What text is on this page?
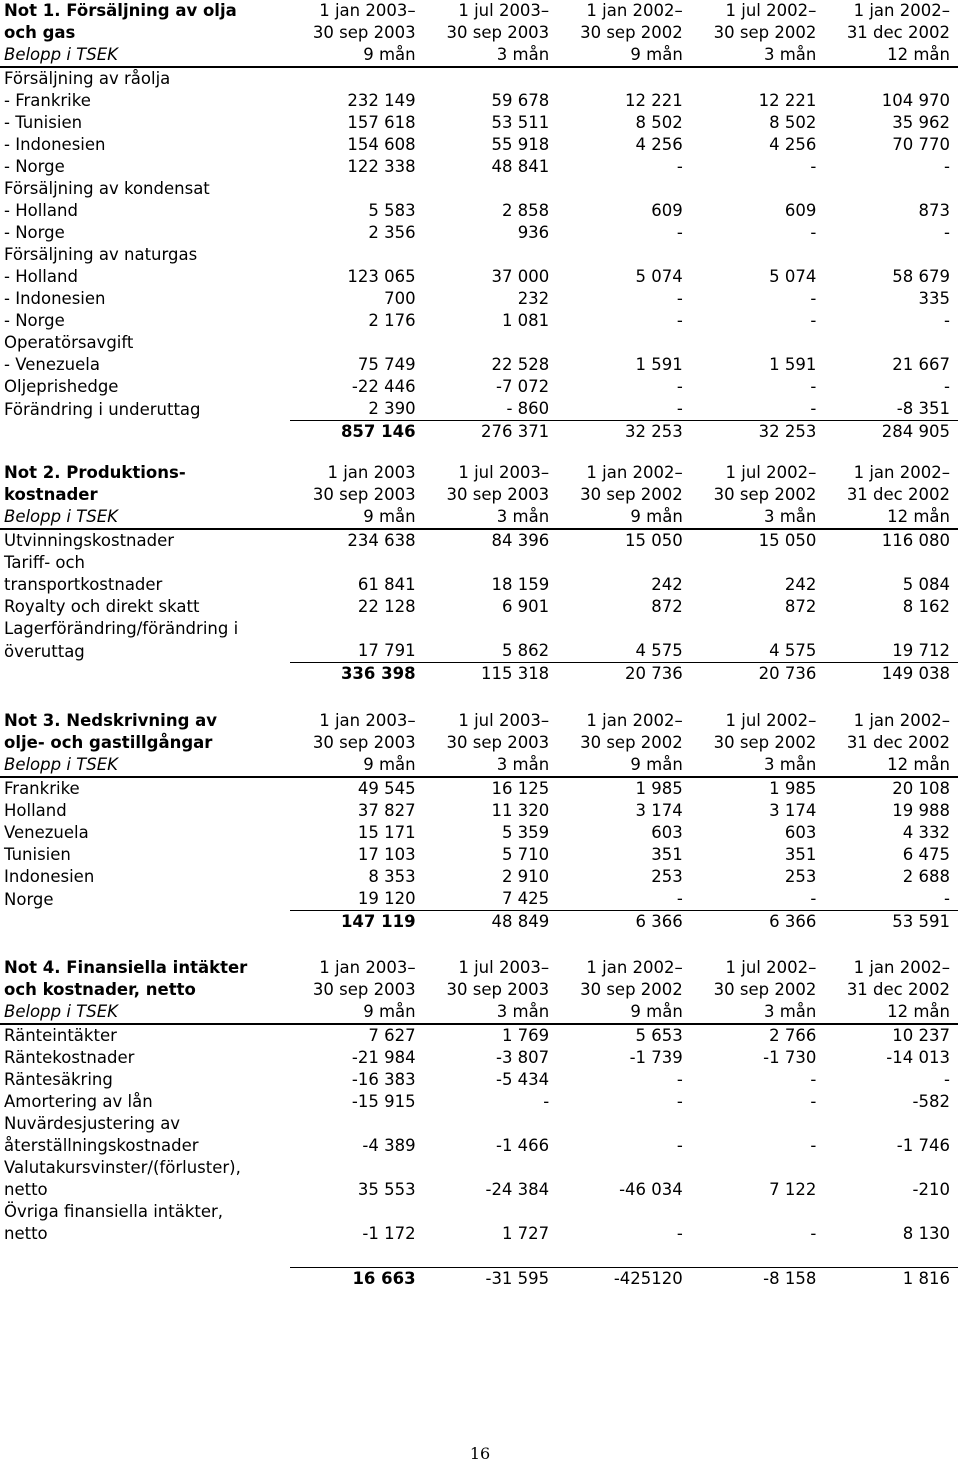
Not 1. Försäljning av olja	1 jan 2003–	1 jul 2003–	1 jan 2002–	1 jul 2002–	1 jan 2002–
och gas	30 sep 2003	30 sep 2003	30 sep 2002	30 sep 2002	31 dec 2002
Belopp i TSEK	9 mån	3 mån	9 mån	3 mån	12 mån
Försäljning av råolja					
- Frankrike	232 149	59 678	12 221	12 221	104 970
- Tunisien	157 618	53 511	8 502	8 502	35 962
- Indonesien	154 608	55 918	4 256	4 256	70 770
- Norge	122 338	48 841	-	-	-
Försäljning av kondensat					
- Holland	5 583	2 858	609	609	873
- Norge	2 356	936	-	-	-
Försäljning av naturgas					
- Holland	123 065	37 000	5 074	5 074	58 679
- Indonesien	700	232	-	-	335
- Norge	2 176	1 081	-	-	-
Operatörsavgift					
- Venezuela	75 749	22 528	1 591	1 591	21 667
Oljeprishedge	-22 446	-7 072	-	-	-
Förändring i underuttag	2 390	- 860	-	-	-8 351
	857 146	276 371	32 253	32 253	284 905
Not 2. Produktions-	1 jan 2003	1 jul 2003–	1 jan 2002–	1 jul 2002–	1 jan 2002–
kostnader	30 sep 2003	30 sep 2003	30 sep 2002	30 sep 2002	31 dec 2002
Belopp i TSEK	9 mån	3 mån	9 mån	3 mån	12 mån
Utvinningskostnader	234 638	84 396	15 050	15 050	116 080
Tariff- och					
transportkostnader	61 841	18 159	242	242	5 084
Royalty och direkt skatt	22 128	6 901	872	872	8 162
Lagerförändring/förändring i					
överuttag	17 791	5 862	4 575	4 575	19 712
	336 398	115 318	20 736	20 736	149 038
Not 3. Nedskrivning av	1 jan 2003–	1 jul 2003–	1 jan 2002–	1 jul 2002–	1 jan 2002–
olje- och gastillgångar	30 sep 2003	30 sep 2003	30 sep 2002	30 sep 2002	31 dec 2002
Belopp i TSEK	9 mån	3 mån	9 mån	3 mån	12 mån
Frankrike	49 545	16 125	1 985	1 985	20 108
Holland	37 827	11 320	3 174	3 174	19 988
Venezuela	15 171	5 359	603	603	4 332
Tunisien	17 103	5 710	351	351	6 475
Indonesien	8 353	2 910	253	253	2 688
Norge	19 120	7 425	-	-	-
	147 119	48 849	6 366	6 366	53 591
Not 4. Finansiella intäkter	1 jan 2003–	1 jul 2003–	1 jan 2002–	1 jul 2002–	1 jan 2002–
och kostnader, netto	30 sep 2003	30 sep 2003	30 sep 2002	30 sep 2002	31 dec 2002
Belopp i TSEK	9 mån	3 mån	9 mån	3 mån	12 mån
Ränteintäkter	7 627	1 769	5 653	2 766	10 237
Räntekostnader	-21 984	-3 807	-1 739	-1 730	-14 013
Räntesäkring	-16 383	-5 434	-	-	-
Amortering av lån	-15 915	-	-	-	-582
Nuvärdesjustering av					
återställningskostnader	-4 389	-1 466	-	-	-1 746
Valutakursvinster/(förluster),					
netto	35 553	-24 384	-46 034	7 122	-210
Övriga finansiella intäkter,					
netto	-1 172	1 727	-	-	8 130

	16 663	-31 595	-425120	-8 158	1 816
16
